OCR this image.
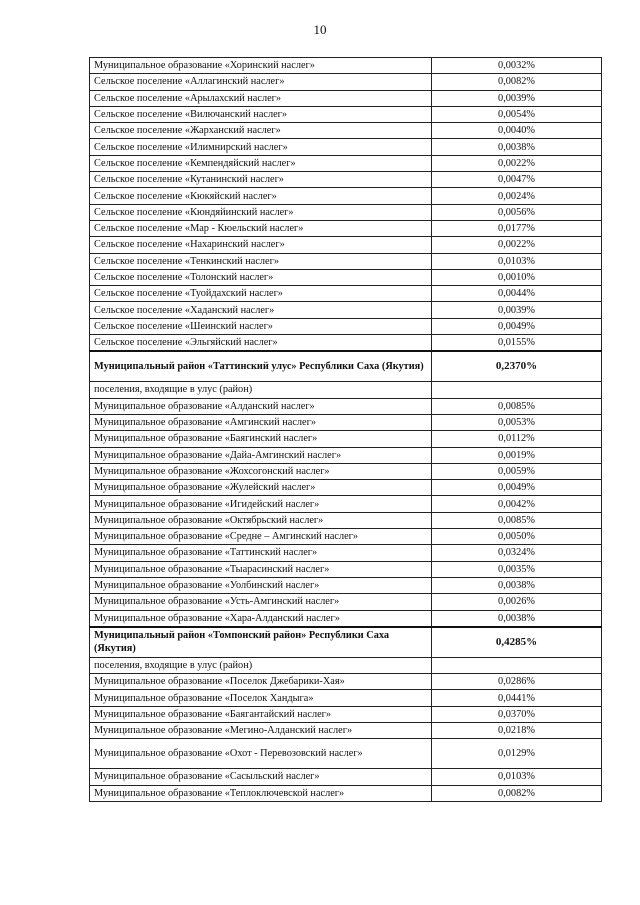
10
Муниципальное образование «Хоринский наслег»	0,0032%
Сельское поселение «Аллагинский наслег»	0,0082%
Сельское поселение «Арылахский наслег»	0,0039%
Сельское поселение «Вилючанский наслег»	0,0054%
Сельское поселение «Жарханский наслег»	0,0040%
Сельское поселение «Илимнирский наслег»	0,0038%
Сельское поселение «Кемпендяйский наслег»	0,0022%
Сельское поселение «Кутанинский наслег»	0,0047%
Сельское поселение «Кюкяйский наслег»	0,0024%
Сельское поселение «Кюндяйинский наслег»	0,0056%
Сельское поселение «Мар - Кюельский наслег»	0,0177%
Сельское поселение «Нахаринский наслег»	0,0022%
Сельское поселение «Тенкинский наслег»	0,0103%
Сельское поселение «Толонский наслег»	0,0010%
Сельское поселение «Туойдахский наслег»	0,0044%
Сельское поселение «Хаданский наслег»	0,0039%
Сельское поселение «Шеинский наслег»	0,0049%
Сельское поселение «Эльгяйский наслег»	0,0155%
Муниципальный район «Таттинский улус» Республики Саха (Якутия)	0,2370%
поселения, входящие в улус (район)	
Муниципальное образование «Алданский наслег»	0,0085%
Муниципальное образование «Амгинский наслег»	0,0053%
Муниципальное образование «Баягинский наслег»	0,0112%
Муниципальное образование «Дайа-Амгинский наслег»	0,0019%
Муниципальное образование «Жохсогонский наслег»	0,0059%
Муниципальное образование «Жулейский наслег»	0,0049%
Муниципальное образование «Игидейский наслег»	0,0042%
Муниципальное образование «Октябрьский наслег»	0,0085%
Муниципальное образование «Средне – Амгинский наслег»	0,0050%
Муниципальное образование «Таттинский наслег»	0,0324%
Муниципальное образование «Тыарасинский наслег»	0,0035%
Муниципальное образование «Уолбинский наслег»	0,0038%
Муниципальное образование «Усть-Амгинский наслег»	0,0026%
Муниципальное образование «Хара-Алданский наслег»	0,0038%
Муниципальный район «Томпонский район» Республики Саха (Якутия)	0,4285%
поселения, входящие в улус (район)	
Муниципальное образование «Поселок Джебарики-Хая»	0,0286%
Муниципальное образование «Поселок Хандыга»	0,0441%
Муниципальное образование «Баягантайский наслег»	0,0370%
Муниципальное образование «Мегино-Алданский наслег»	0,0218%
Муниципальное образование «Охот - Перевозовский наслег»	0,0129%
Муниципальное образование «Сасыльский наслег»	0,0103%
Муниципальное образование «Теплоключевской наслег»	0,0082%
